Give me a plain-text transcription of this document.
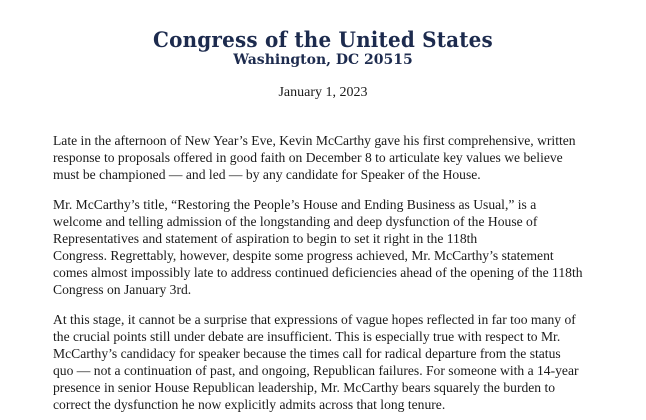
Congress of the United States
Washington, DC 20515
January 1, 2023

Late in the afternoon of New Year’s Eve, Kevin McCarthy gave his first comprehensive, written
response to proposals offered in good faith on December 8 to articulate key values we believe
must be championed — and led — by any candidate for Speaker of the House.

Mr. McCarthy’s title, “Restoring the People’s House and Ending Business as Usual,” is a
welcome and telling admission of the longstanding and deep dysfunction of the House of
Representatives and statement of aspiration to begin to set it right in the 118th
Congress. Regrettably, however, despite some progress achieved, Mr. McCarthy’s statement
comes almost impossibly late to address continued deficiencies ahead of the opening of the 118th
Congress on January 3rd.

At this stage, it cannot be a surprise that expressions of vague hopes reflected in far too many of
the crucial points still under debate are insufficient. This is especially true with respect to Mr.
McCarthy’s candidacy for speaker because the times call for radical departure from the status
quo — not a continuation of past, and ongoing, Republican failures. For someone with a 14-year
presence in senior House Republican leadership, Mr. McCarthy bears squarely the burden to
correct the dysfunction he now explicitly admits across that long tenure.
